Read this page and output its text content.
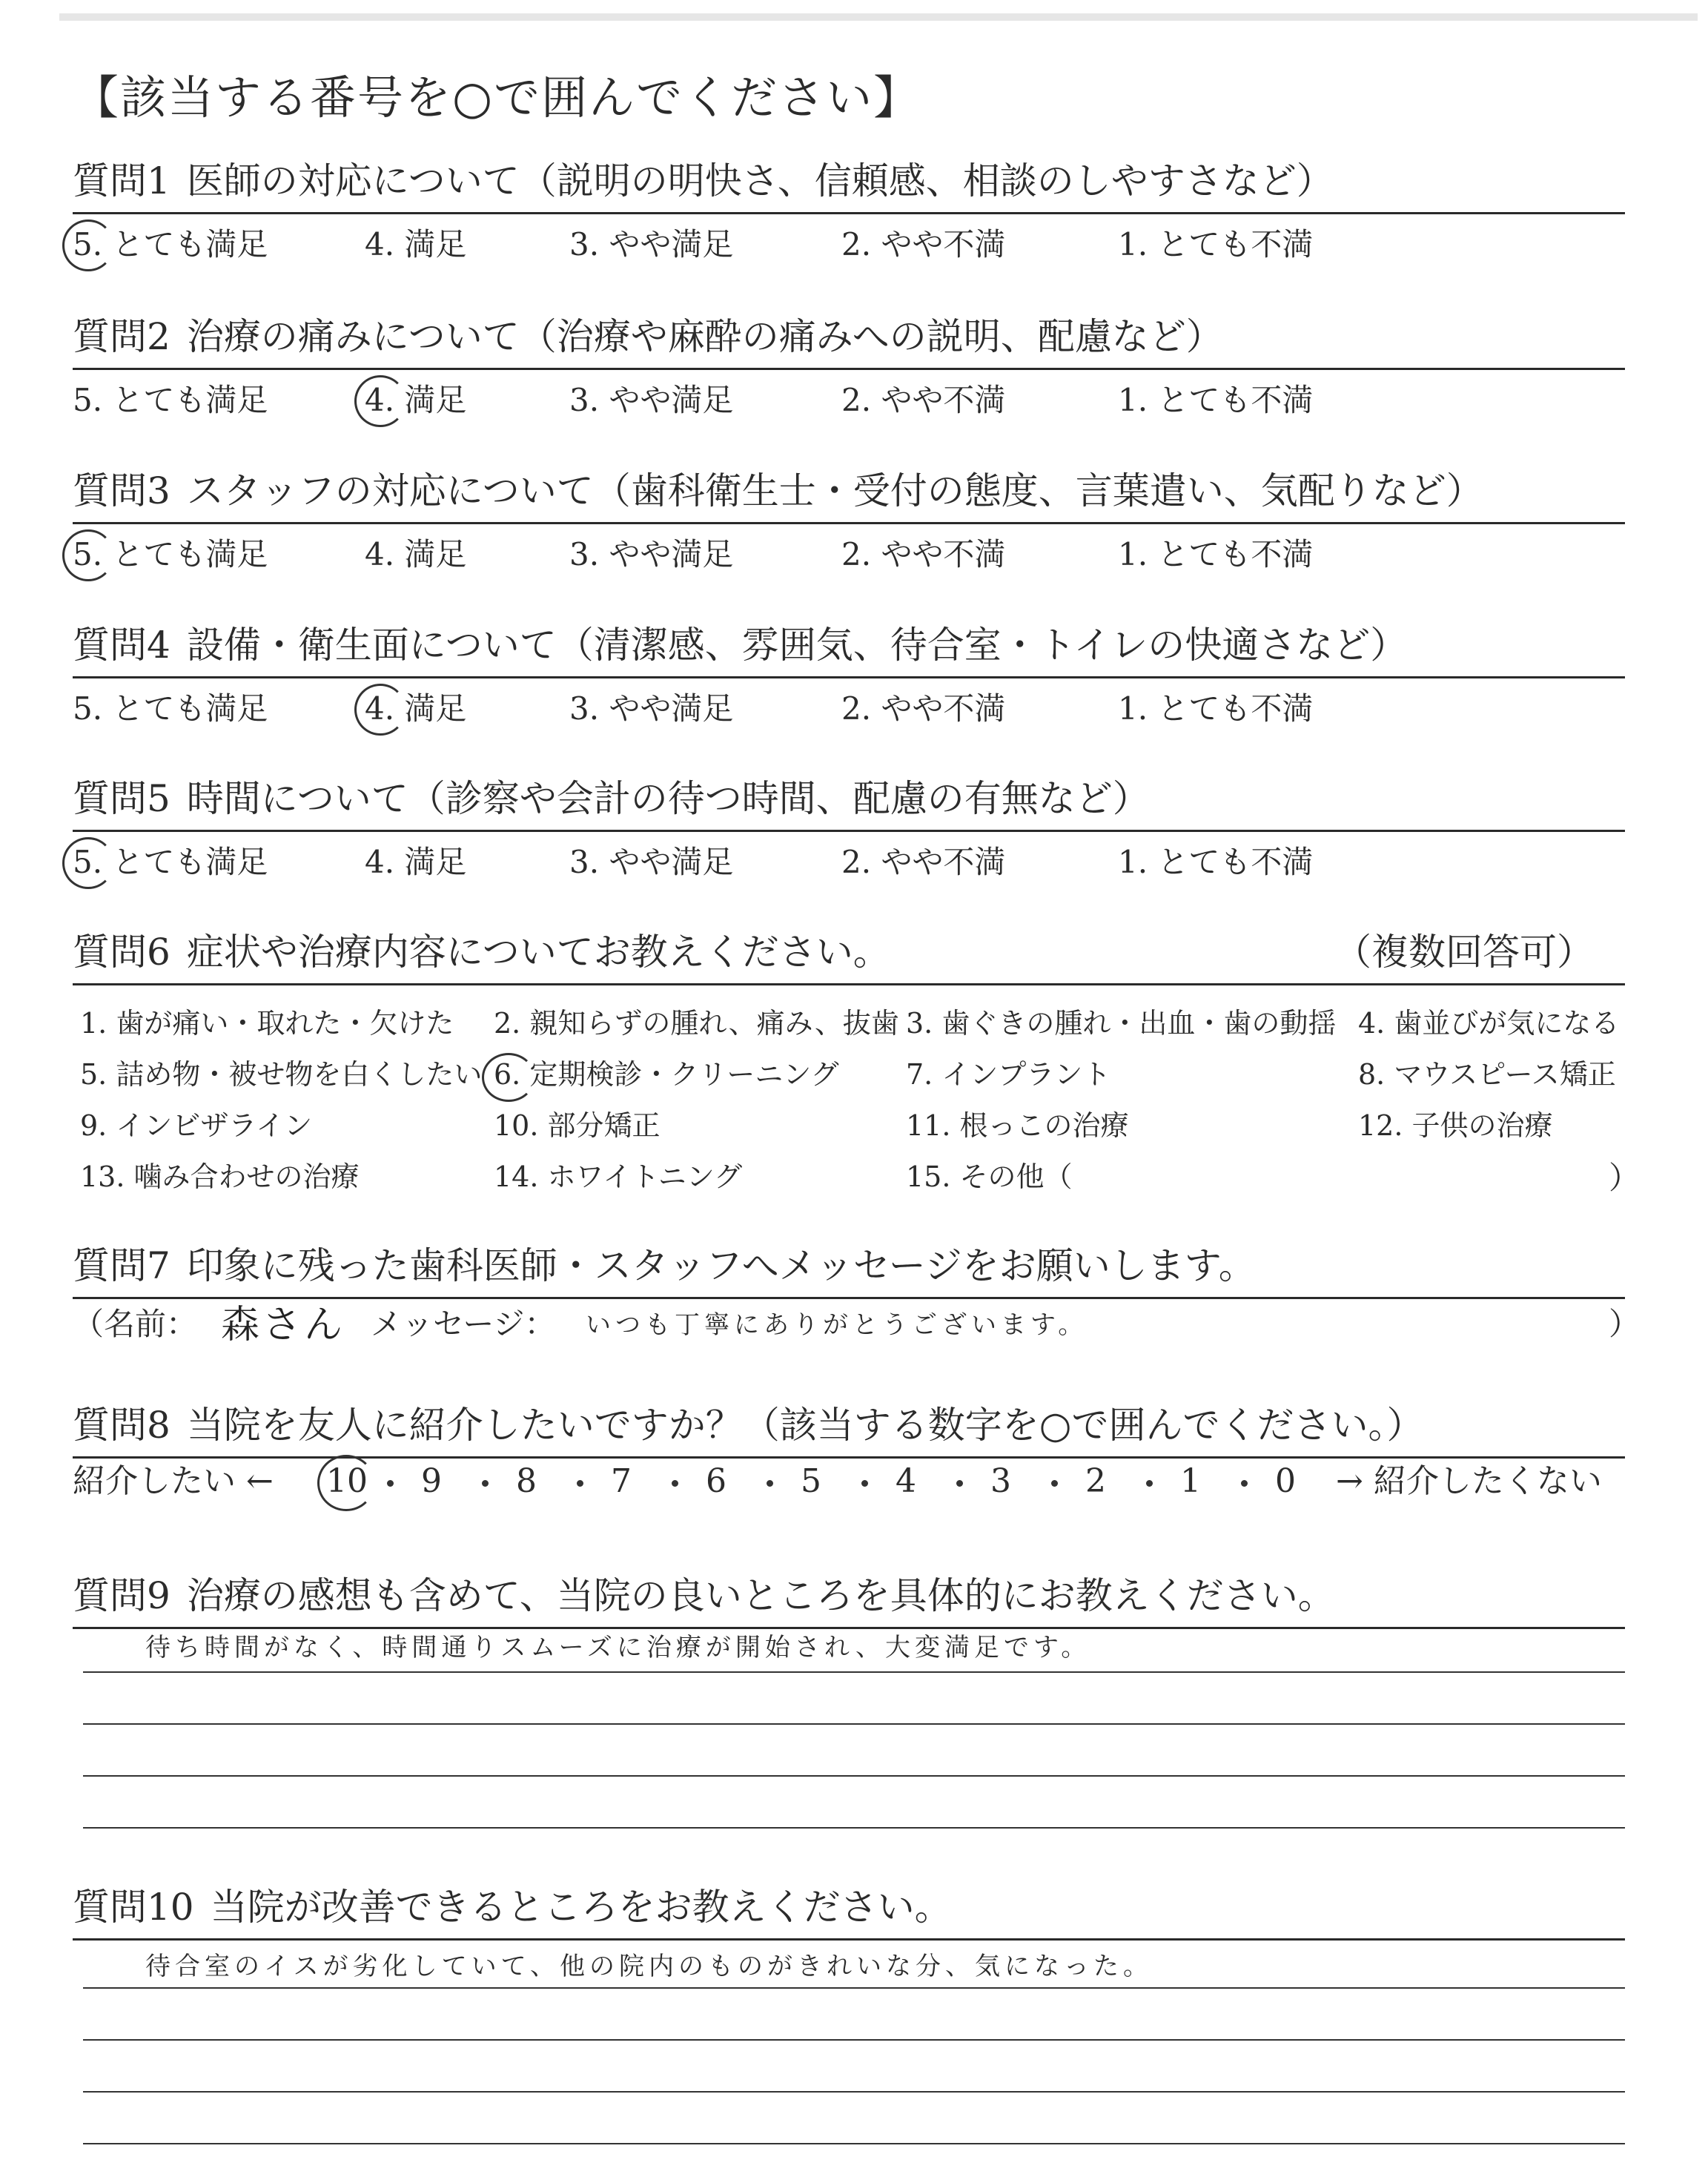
【該当する番号を○で囲んでください】
質問1 医師の対応について（説明の明快さ、信頼感、相談のしやすさなど）
5. とても満足	4. 満足	3. やや満足	2. やや不満	1. とても不満
質問2 治療の痛みについて（治療や麻酔の痛みへの説明、配慮など）
5. とても満足	4. 満足	3. やや満足	2. やや不満	1. とても不満
質問3 スタッフの対応について（歯科衛生士・受付の態度、言葉遣い、気配りなど）
5. とても満足	4. 満足	3. やや満足	2. やや不満	1. とても不満
質問4 設備・衛生面について（清潔感、雰囲気、待合室・トイレの快適さなど）
5. とても満足	4. 満足	3. やや満足	2. やや不満	1. とても不満
質問5 時間について（診察や会計の待つ時間、配慮の有無など）
5. とても満足	4. 満足	3. やや満足	2. やや不満	1. とても不満
質問6 症状や治療内容についてお教えください。	（複数回答可）
1. 歯が痛い・取れた・欠けた 2. 親知らずの腫れ、痛み、抜歯 3. 歯ぐきの腫れ・出血・歯の動揺 4. 歯並びが気になる
5. 詰め物・被せ物を白くしたい 6. 定期検診・クリーニング 7. インプラント	8. マウスピース矯正
9. インビザライン	10. 部分矯正	11. 根っこの治療	12. 子供の治療
13. 噛み合わせの治療	14. ホワイトニング	15. その他（	）
質問7 印象に残った歯科医師・スタッフへメッセージをお願いします。
（名前： 森さん メッセージ： いつも丁寧にありがとうございます。	）
質問8 当院を友人に紹介したいですか？（該当する数字を○で囲んでください。）
紹介したい ←	→ 紹介したくない
10 9 8 7 6 5 4 3 2 1 0
質問9 治療の感想も含めて、当院の良いところを具体的にお教えください。
待ち時間がなく、時間通りスムーズに治療が開始され、大変満足です。
質問10 当院が改善できるところをお教えください。
待合室のイスが劣化していて、他の院内のものがきれいな分、気になった。
